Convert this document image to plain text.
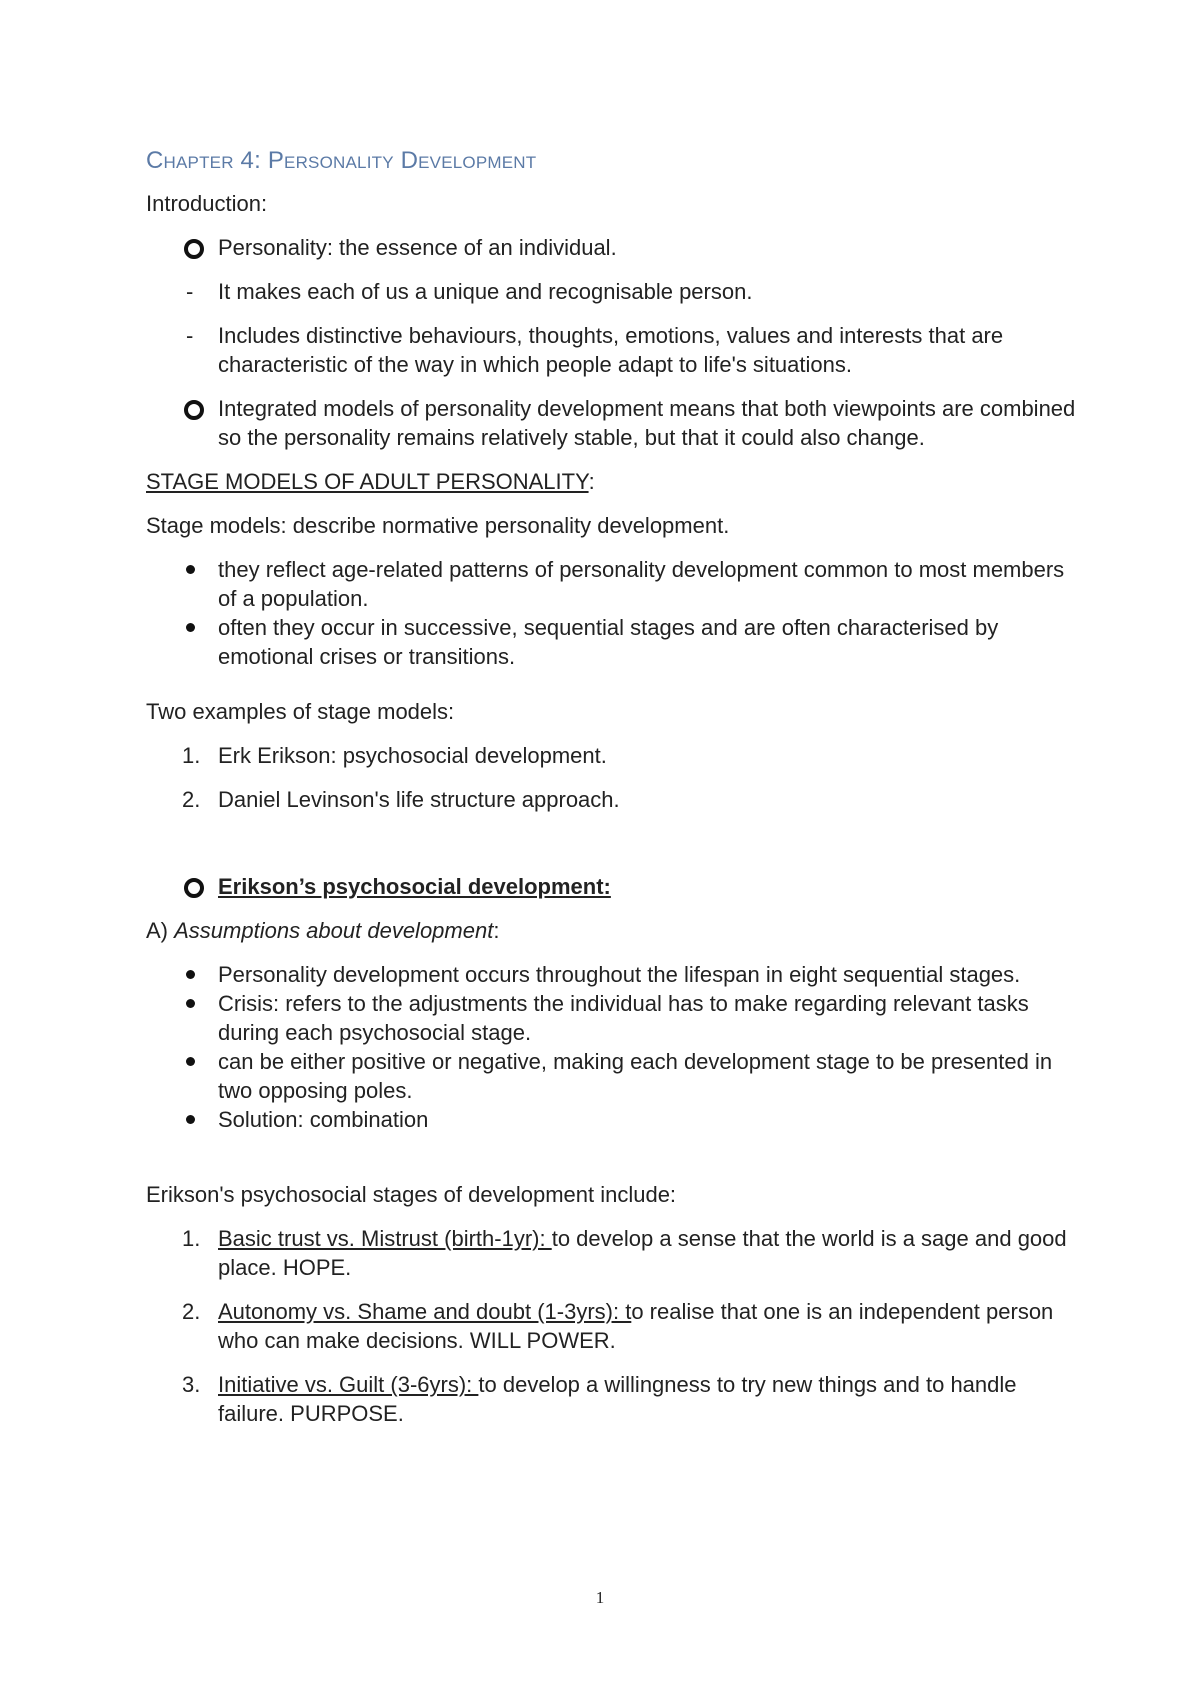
Chapter 4: Personality Development

Introduction:

Personality: the essence of an individual.
- It makes each of us a unique and recognisable person.
- Includes distinctive behaviours, thoughts, emotions, values and interests that are characteristic of the way in which people adapt to life's situations.
Integrated models of personality development means that both viewpoints are combined so the personality remains relatively stable, but that it could also change.

STAGE MODELS OF ADULT PERSONALITY:

Stage models: describe normative personality development.

they reflect age-related patterns of personality development common to most members of a population.
often they occur in successive, sequential stages and are often characterised by emotional crises or transitions.

Two examples of stage models:

1. Erk Erikson: psychosocial development.
2. Daniel Levinson's life structure approach.
Erikson’s psychosocial development:

A) Assumptions about development:

Personality development occurs throughout the lifespan in eight sequential stages.
Crisis: refers to the adjustments the individual has to make regarding relevant tasks during each psychosocial stage.
can be either positive or negative, making each development stage to be presented in two opposing poles.
Solution: combination

Erikson's psychosocial stages of development include:

1. Basic trust vs. Mistrust (birth-1yr): to develop a sense that the world is a sage and good place. HOPE.
2. Autonomy vs. Shame and doubt (1-3yrs): to realise that one is an independent person who can make decisions. WILL POWER.
3. Initiative vs. Guilt (3-6yrs): to develop a willingness to try new things and to handle failure. PURPOSE.
1
